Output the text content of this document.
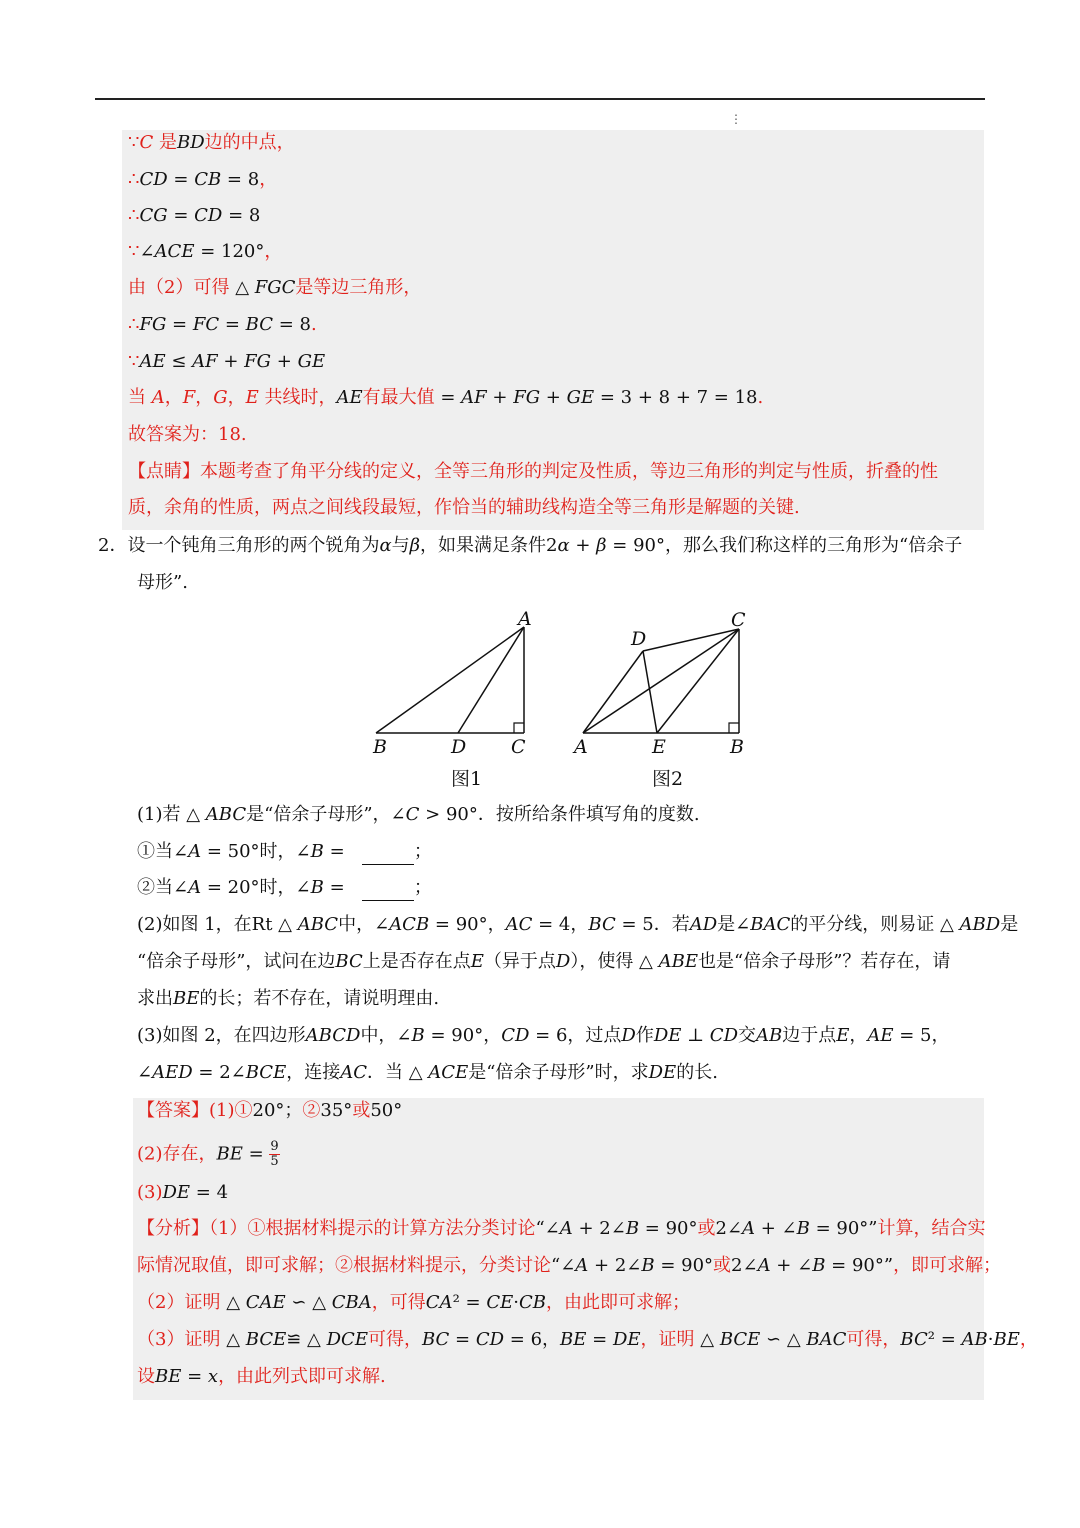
⋮
∵C 是BD边的中点，
∴CD = CB = 8，
∴CG = CD = 8
∵∠ACE = 120°，
由（2）可得 △ FGC是等边三角形，
∴FG = FC = BC = 8.
∵AE ≤ AF + FG + GE
当 A，F，G，E 共线时，AE有最大值 = AF + FG + GE = 3 + 8 + 7 = 18.
故答案为：18.
【点睛】本题考查了角平分线的定义，全等三角形的判定及性质，等边三角形的判定与性质，折叠的性
质，余角的性质，两点之间线段最短，作恰当的辅助线构造全等三角形是解题的关键.
2．设一个钝角三角形的两个锐角为α与β，如果满足条件2α + β = 90°，那么我们称这样的三角形为“倍余子
母形”.
A
B	D C
图1
C
D
A	E	B
图2
(1)若 △ ABC是“倍余子母形”，∠C > 90°．按所给条件填写角的度数.
①当∠A = 50°时，∠B =	；
②当∠A = 20°时，∠B =	；
(2)如图 1，在Rt △ ABC中，∠ACB = 90°，AC = 4，BC = 5．若AD是∠BAC的平分线，则易证 △ ABD是
“倍余子母形”，试问在边BC上是否存在点E（异于点D），使得 △ ABE也是“倍余子母形”？若存在，请
求出BE的长；若不存在，请说明理由.
(3)如图 2，在四边形ABCD中，∠B = 90°，CD = 6，过点D作DE ⊥ CD交AB边于点E，AE = 5，
∠AED = 2∠BCE，连接AC．当 △ ACE是“倍余子母形”时，求DE的长.
【答案】(1)①20°；②35°或50°
(2)存在，BE = $\frac{9}{5}$
(3)DE = 4
【分析】（1）①根据材料提示的计算方法分类讨论“∠A + 2∠B = 90°或2∠A + ∠B = 90°”计算，结合实
际情况取值，即可求解；②根据材料提示，分类讨论“∠A + 2∠B = 90°或2∠A + ∠B = 90°”，即可求解；
（2）证明 △ CAE ∽ △ CBA，可得CA² = CE·CB，由此即可求解；
（3）证明 △ BCE≌ △ DCE可得，BC = CD = 6，BE = DE，证明 △ BCE ∽ △ BAC可得，BC² = AB·BE，
设BE = x，由此列式即可求解.
